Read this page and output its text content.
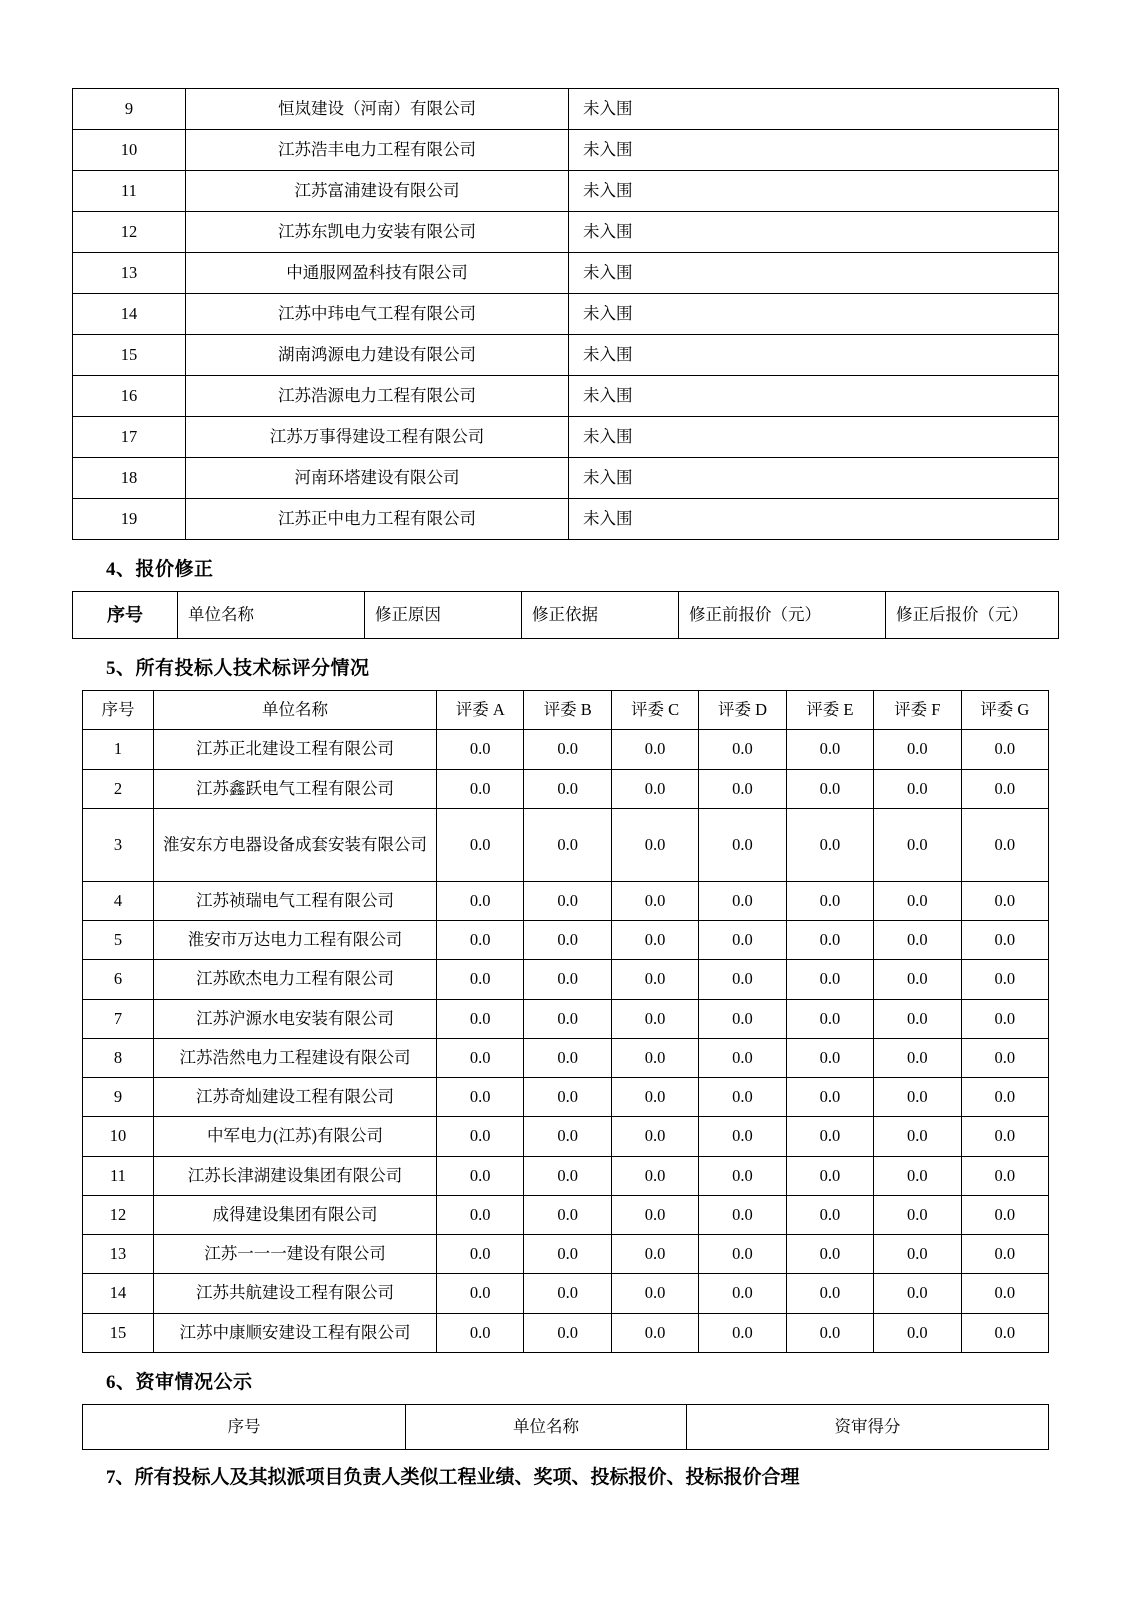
9	恒岚建设（河南）有限公司	未入围
10	江苏浩丰电力工程有限公司	未入围
11	江苏富浦建设有限公司	未入围
12	江苏东凯电力安装有限公司	未入围
13	中通服网盈科技有限公司	未入围
14	江苏中玮电气工程有限公司	未入围
15	湖南鸿源电力建设有限公司	未入围
16	江苏浩源电力工程有限公司	未入围
17	江苏万事得建设工程有限公司	未入围
18	河南环塔建设有限公司	未入围
19	江苏正中电力工程有限公司	未入围
4、报价修正
序号	单位名称	修正原因	修正依据	修正前报价（元）	修正后报价（元）
5、所有投标人技术标评分情况
序号	单位名称	评委 A	评委 B	评委 C	评委 D	评委 E	评委 F	评委 G
1	江苏正北建设工程有限公司	0.0	0.0	0.0	0.0	0.0	0.0	0.0
2	江苏鑫跃电气工程有限公司	0.0	0.0	0.0	0.0	0.0	0.0	0.0
3	淮安东方电器设备成套安装有限公司	0.0	0.0	0.0	0.0	0.0	0.0	0.0
4	江苏祯瑞电气工程有限公司	0.0	0.0	0.0	0.0	0.0	0.0	0.0
5	淮安市万达电力工程有限公司	0.0	0.0	0.0	0.0	0.0	0.0	0.0
6	江苏欧杰电力工程有限公司	0.0	0.0	0.0	0.0	0.0	0.0	0.0
7	江苏沪源水电安装有限公司	0.0	0.0	0.0	0.0	0.0	0.0	0.0
8	江苏浩然电力工程建设有限公司	0.0	0.0	0.0	0.0	0.0	0.0	0.0
9	江苏奇灿建设工程有限公司	0.0	0.0	0.0	0.0	0.0	0.0	0.0
10	中军电力(江苏)有限公司	0.0	0.0	0.0	0.0	0.0	0.0	0.0
11	江苏长津湖建设集团有限公司	0.0	0.0	0.0	0.0	0.0	0.0	0.0
12	成得建设集团有限公司	0.0	0.0	0.0	0.0	0.0	0.0	0.0
13	江苏一一一建设有限公司	0.0	0.0	0.0	0.0	0.0	0.0	0.0
14	江苏共航建设工程有限公司	0.0	0.0	0.0	0.0	0.0	0.0	0.0
15	江苏中康顺安建设工程有限公司	0.0	0.0	0.0	0.0	0.0	0.0	0.0
6、资审情况公示
序号	单位名称	资审得分
7、所有投标人及其拟派项目负责人类似工程业绩、奖项、投标报价、投标报价合理
